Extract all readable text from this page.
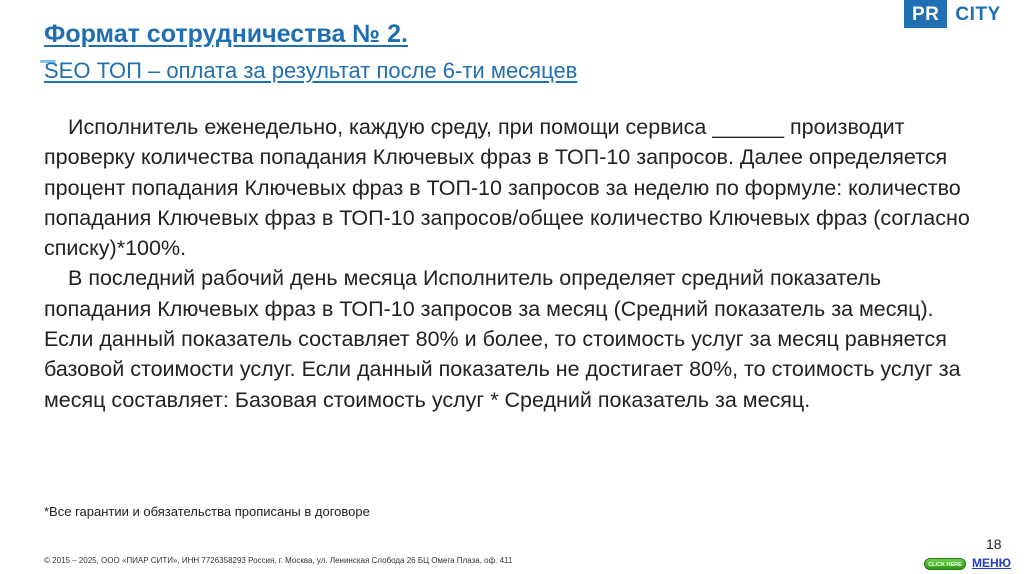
Формат сотрудничества № 2.
SEO ТОП – оплата за результат после 6-ти месяцев
PR CITY

Исполнитель еженедельно, каждую среду, при помощи сервиса ______ производит проверку количества попадания Ключевых фраз в ТОП-10 запросов. Далее определяется процент попадания Ключевых фраз в ТОП-10 запросов за неделю по формуле: количество попадания Ключевых фраз в ТОП-10 запросов/общее количество Ключевых фраз (согласно списку)*100%.

В последний рабочий день месяца Исполнитель определяет средний показатель попадания Ключевых фраз в ТОП-10 запросов за месяц (Средний показатель за месяц). Если данный показатель составляет 80% и более, то стоимость услуг за месяц равняется базовой стоимости услуг. Если данный показатель не достигает 80%, то стоимость услуг за месяц составляет: Базовая стоимость услуг * Средний показатель за месяц.

*Все гарантии и обязательства прописаны в договоре

© 2015 – 2025, ООО «ПИАР СИТИ», ИНН 7726358293 Россия, г. Москва, ул. Ленинская Слобода 26 БЦ Омега Плаза, оф. 411

18
CLICK HERE МЕНЮ
